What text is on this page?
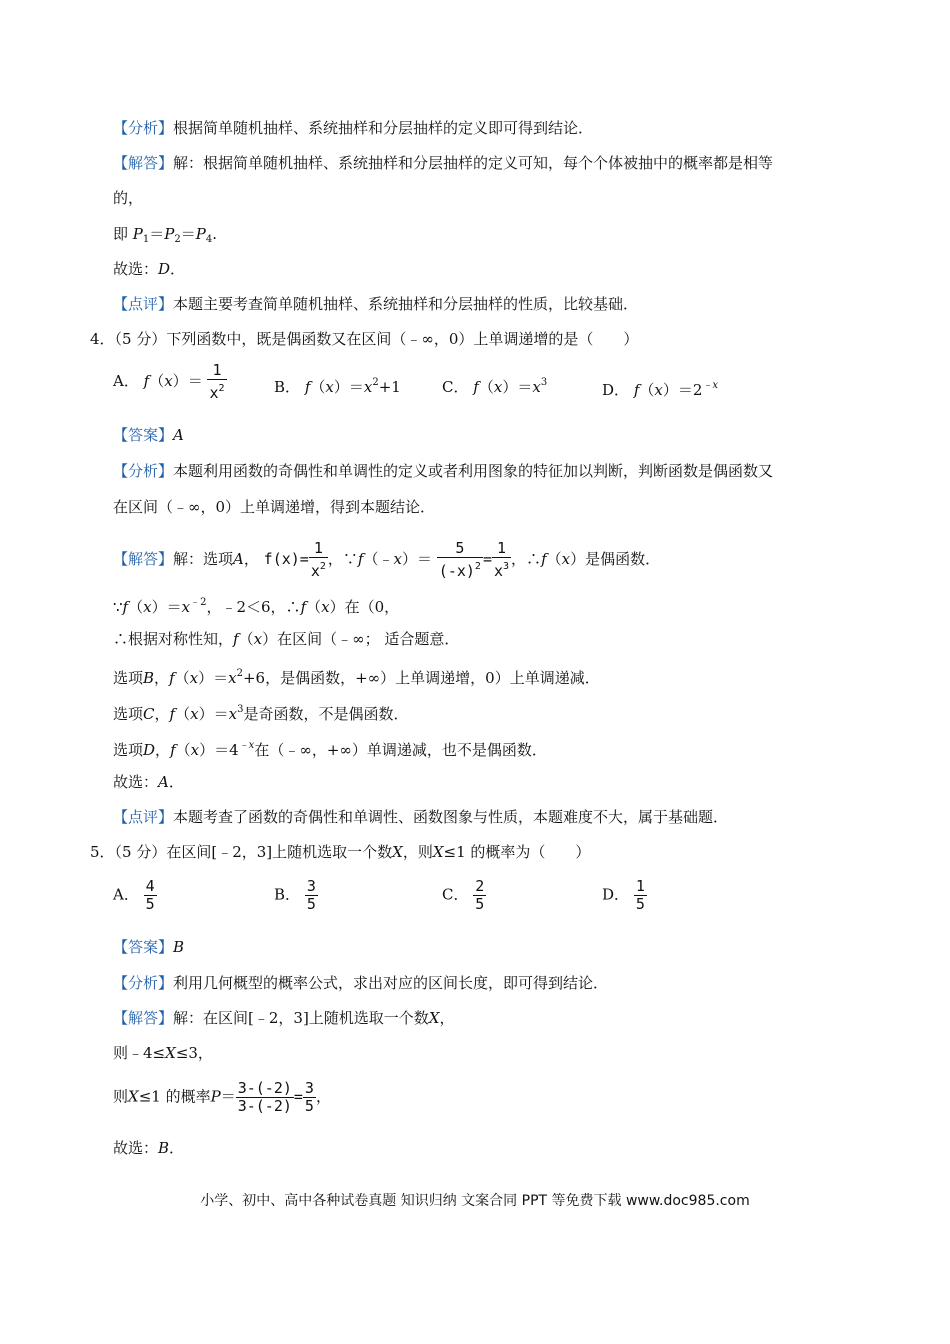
【分析】根据简单随机抽样、系统抽样和分层抽样的定义即可得到结论．
【解答】解：根据简单随机抽样、系统抽样和分层抽样的定义可知，每个个体被抽中的概率都是相等
的，
即 $P_1=P_2=P_4$.
故选：D．
【点评】本题主要考查简单随机抽样、系统抽样和分层抽样的性质，比较基础．
4．（5 分）下列函数中，既是偶函数又在区间（﹣∞，0）上单调递增的是（　　）
A． $f(x)= \frac{1}{x^2}$	B． $f(x)=x^2+1$	C． $f(x)=x^3$	D． $f(x)=2^{﹣x}$
【答案】A
【分析】本题利用函数的奇偶性和单调性的定义或者利用图象的特征加以判断，判断函数是偶函数又
在区间（﹣∞，0）上单调递增，得到本题结论．
【解答】解：选项A， $f(x)= \frac{1}{x^2}$ ，∵f（﹣x）＝ $\frac{5}{(-x)^2} = \frac{1}{x^3}$ ，∴f（x）是偶函数．
$\because f(x)=x^{﹣2}$，﹣2＜6，∴f（x）在（0，
∴根据对称性知，f（x）在区间（﹣∞； 适合题意．
选项B，$f(x)=x^2+6$，是偶函数，+∞）上单调递增，0）上单调递减．
选项C，$f(x)=x^3$是奇函数，不是偶函数．
选项D，$f(x)=4^{﹣x}$在（﹣∞，+∞）单调递减，也不是偶函数．
故选：A．
【点评】本题考查了函数的奇偶性和单调性、函数图象与性质，本题难度不大，属于基础题．
5．（5 分）在区间[﹣2，3]上随机选取一个数X，则X≤1 的概率为（　　）
A． $\frac{4}{5}$	B． $\frac{3}{5}$	C． $\frac{2}{5}$	D． $\frac{1}{5}$
【答案】B
【分析】利用几何概型的概率公式，求出对应的区间长度，即可得到结论．
【解答】解：在区间[﹣2，3]上随机选取一个数X，
则﹣4≤X≤3，
则X≤1 的概率$P= \frac{3-(-2)}{3-(-2)} = \frac{3}{5}$ ，
故选：B．
小学、初中、高中各种试卷真题 知识归纳 文案合同 PPT 等免费下载 www.doc985.com
